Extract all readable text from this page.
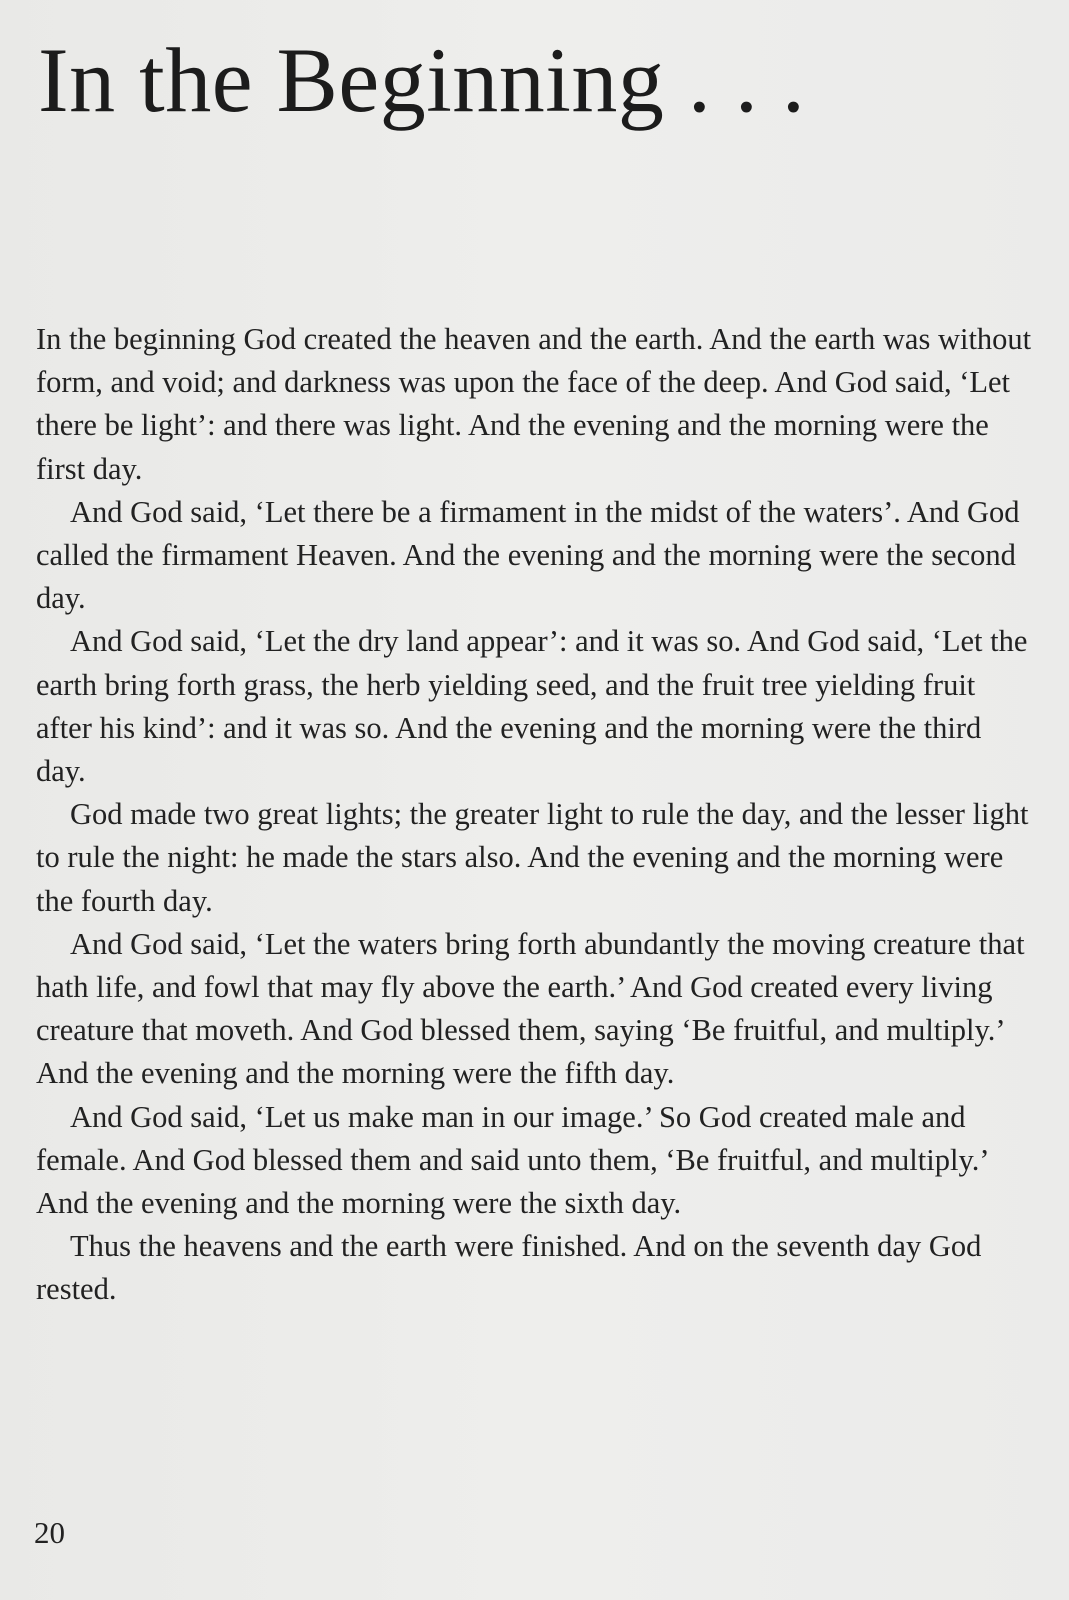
In the Beginning . . .

In the beginning God created the heaven and the earth. And the earth was without form, and void; and darkness was upon the face of the deep. And God said, ‘Let there be light’: and there was light. And the evening and the morning were the first day.

And God said, ‘Let there be a firmament in the midst of the waters’. And God called the firmament Heaven. And the evening and the morning were the second day.

And God said, ‘Let the dry land appear’: and it was so. And God said, ‘Let the earth bring forth grass, the herb yielding seed, and the fruit tree yielding fruit after his kind’: and it was so. And the evening and the morning were the third day.

God made two great lights; the greater light to rule the day, and the lesser light to rule the night: he made the stars also. And the evening and the morning were the fourth day.

And God said, ‘Let the waters bring forth abundantly the moving creature that hath life, and fowl that may fly above the earth.’ And God created every living creature that moveth. And God blessed them, saying ‘Be fruitful, and multiply.’ And the evening and the morning were the fifth day.

And God said, ‘Let us make man in our image.’ So God created male and female. And God blessed them and said unto them, ‘Be fruitful, and multiply.’ And the evening and the morning were the sixth day.

Thus the heavens and the earth were finished. And on the seventh day God rested.

20
